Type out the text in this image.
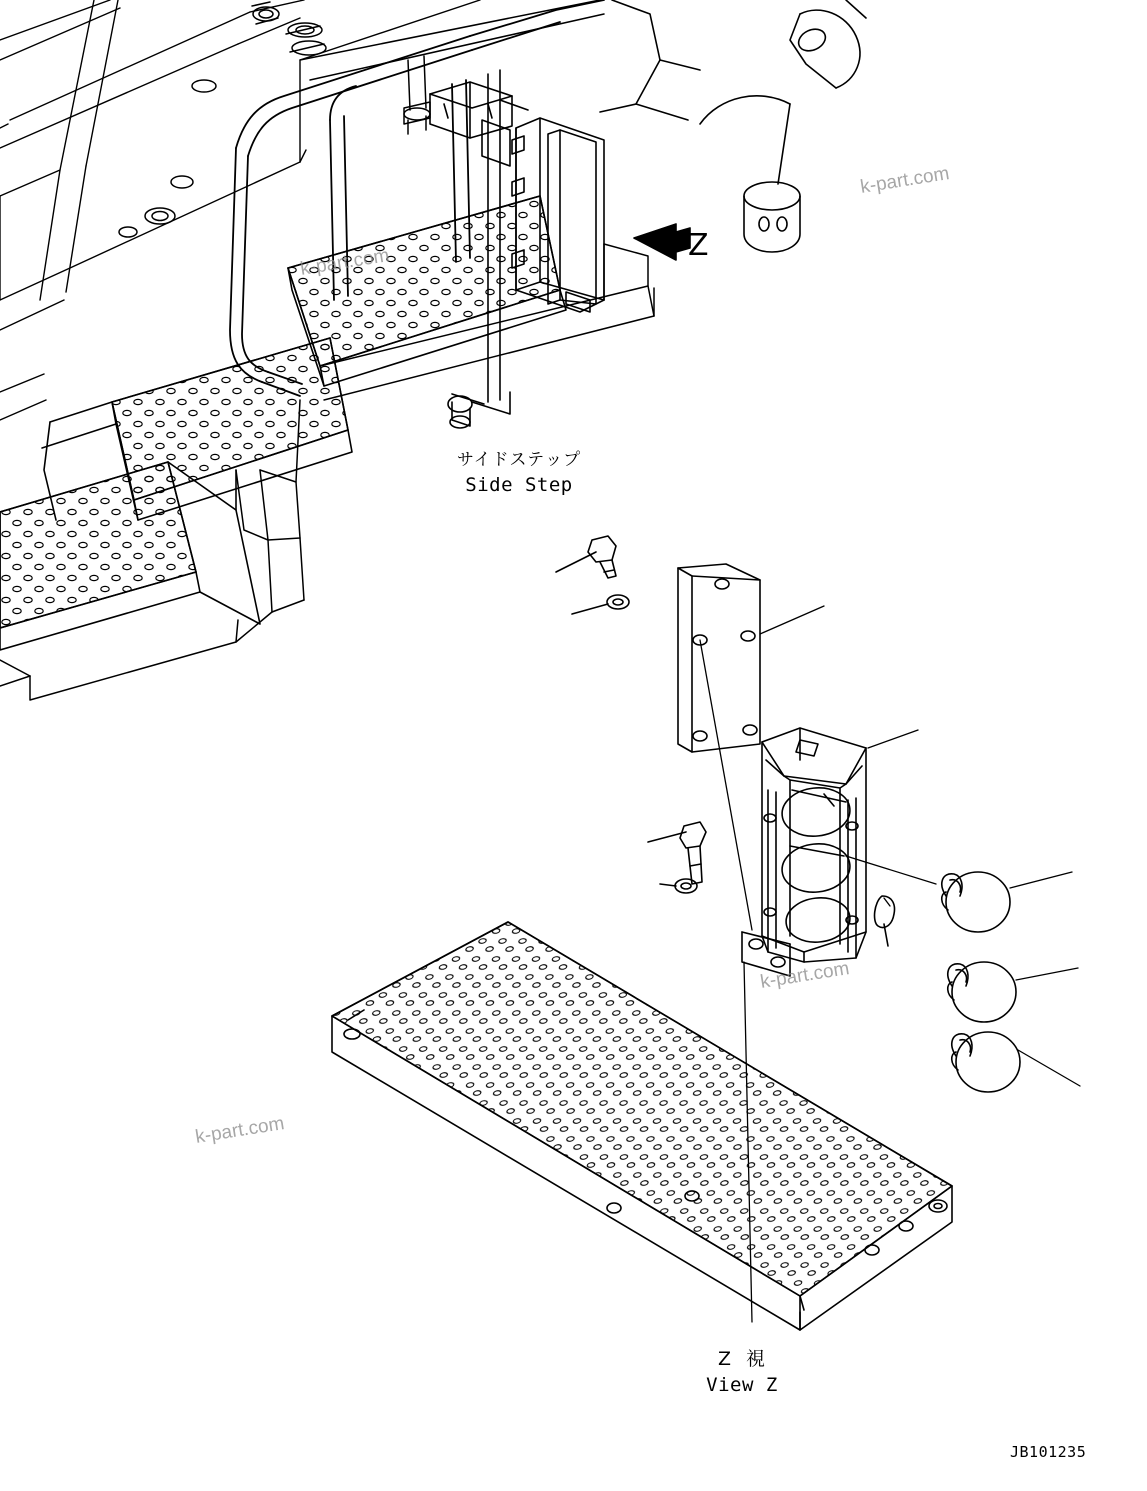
サイドステップ
Side Step
Z
Z  視
View Z
JB101235
k-part.com
k-part.com
k-part.com
k-part.com
